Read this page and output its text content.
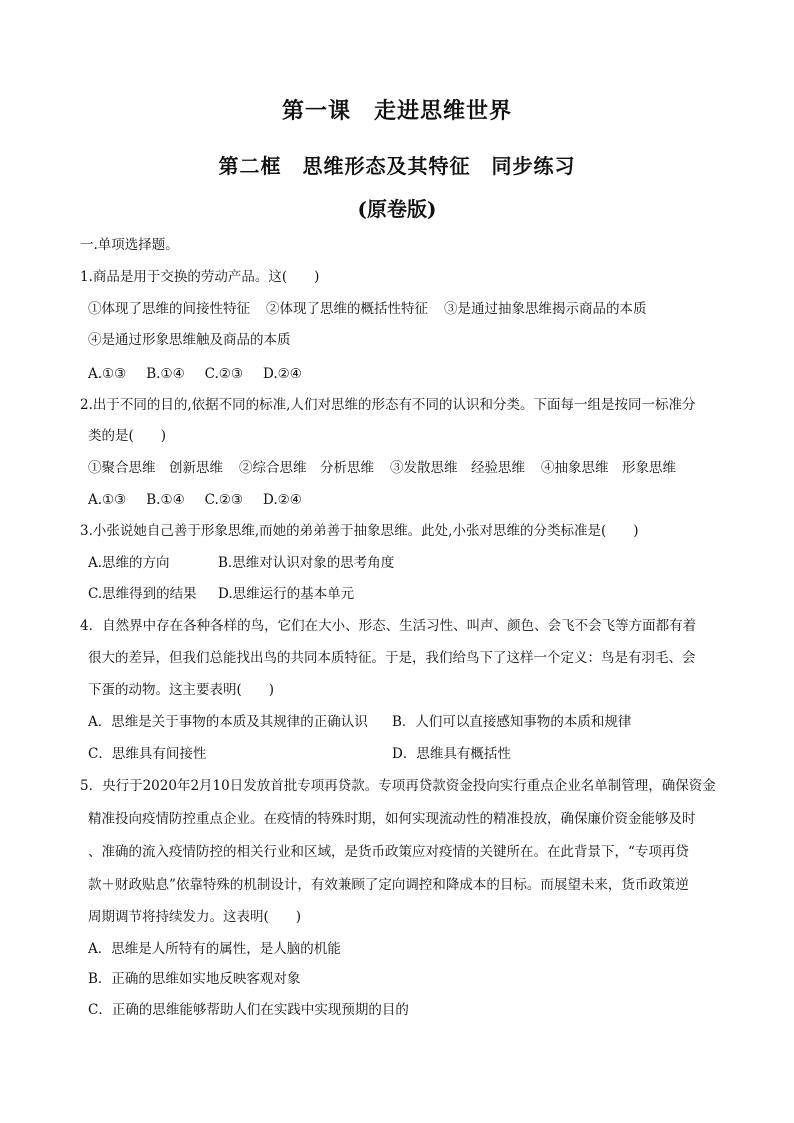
第一课　走进思维世界
第二框　思维形态及其特征　同步练习
(原卷版)
一.单项选择题。
1.商品是用于交换的劳动产品。这(　　)
①体现了思维的间接性特征 ②体现了思维的概括性特征 ③是通过抽象思维揭示商品的本质
④是通过形象思维触及商品的本质
A.①③ B.①④ C.②③ D.②④
2.出于不同的目的,依据不同的标准,人们对思维的形态有不同的认识和分类。下面每一组是按同一标准分
类的是(　　)
①聚合思维　创新思维 ②综合思维　分析思维 ③发散思维　经验思维 ④抽象思维　形象思维
A.①③ B.①④ C.②③ D.②④
3.小张说她自己善于形象思维,而她的弟弟善于抽象思维。此处,小张对思维的分类标准是(　　)
A.思维的方向	B.思维对认识对象的思考角度
C.思维得到的结果 D.思维运行的基本单元
4．自然界中存在各种各样的鸟，它们在大小、形态、生活习性、叫声、颜色、会飞不会飞等方面都有着
很大的差异，但我们总能找出鸟的共同本质特征。于是，我们给鸟下了这样一个定义：鸟是有羽毛、会
下蛋的动物。这主要表明(　　)
A．思维是关于事物的本质及其规律的正确认识 B．人们可以直接感知事物的本质和规律
C．思维具有间接性	D．思维具有概括性
5．央行于2020年2月10日发放首批专项再贷款。专项再贷款资金投向实行重点企业名单制管理，确保资金
精准投向疫情防控重点企业。在疫情的特殊时期，如何实现流动性的精准投放，确保廉价资金能够及时
、准确的流入疫情防控的相关行业和区域，是货币政策应对疫情的关键所在。在此背景下，“专项再贷
款＋财政贴息”依靠特殊的机制设计，有效兼顾了定向调控和降成本的目标。而展望未来，货币政策逆
周期调节将持续发力。这表明(　　)
A．思维是人所特有的属性，是人脑的机能
B．正确的思维如实地反映客观对象
C．正确的思维能够帮助人们在实践中实现预期的目的
